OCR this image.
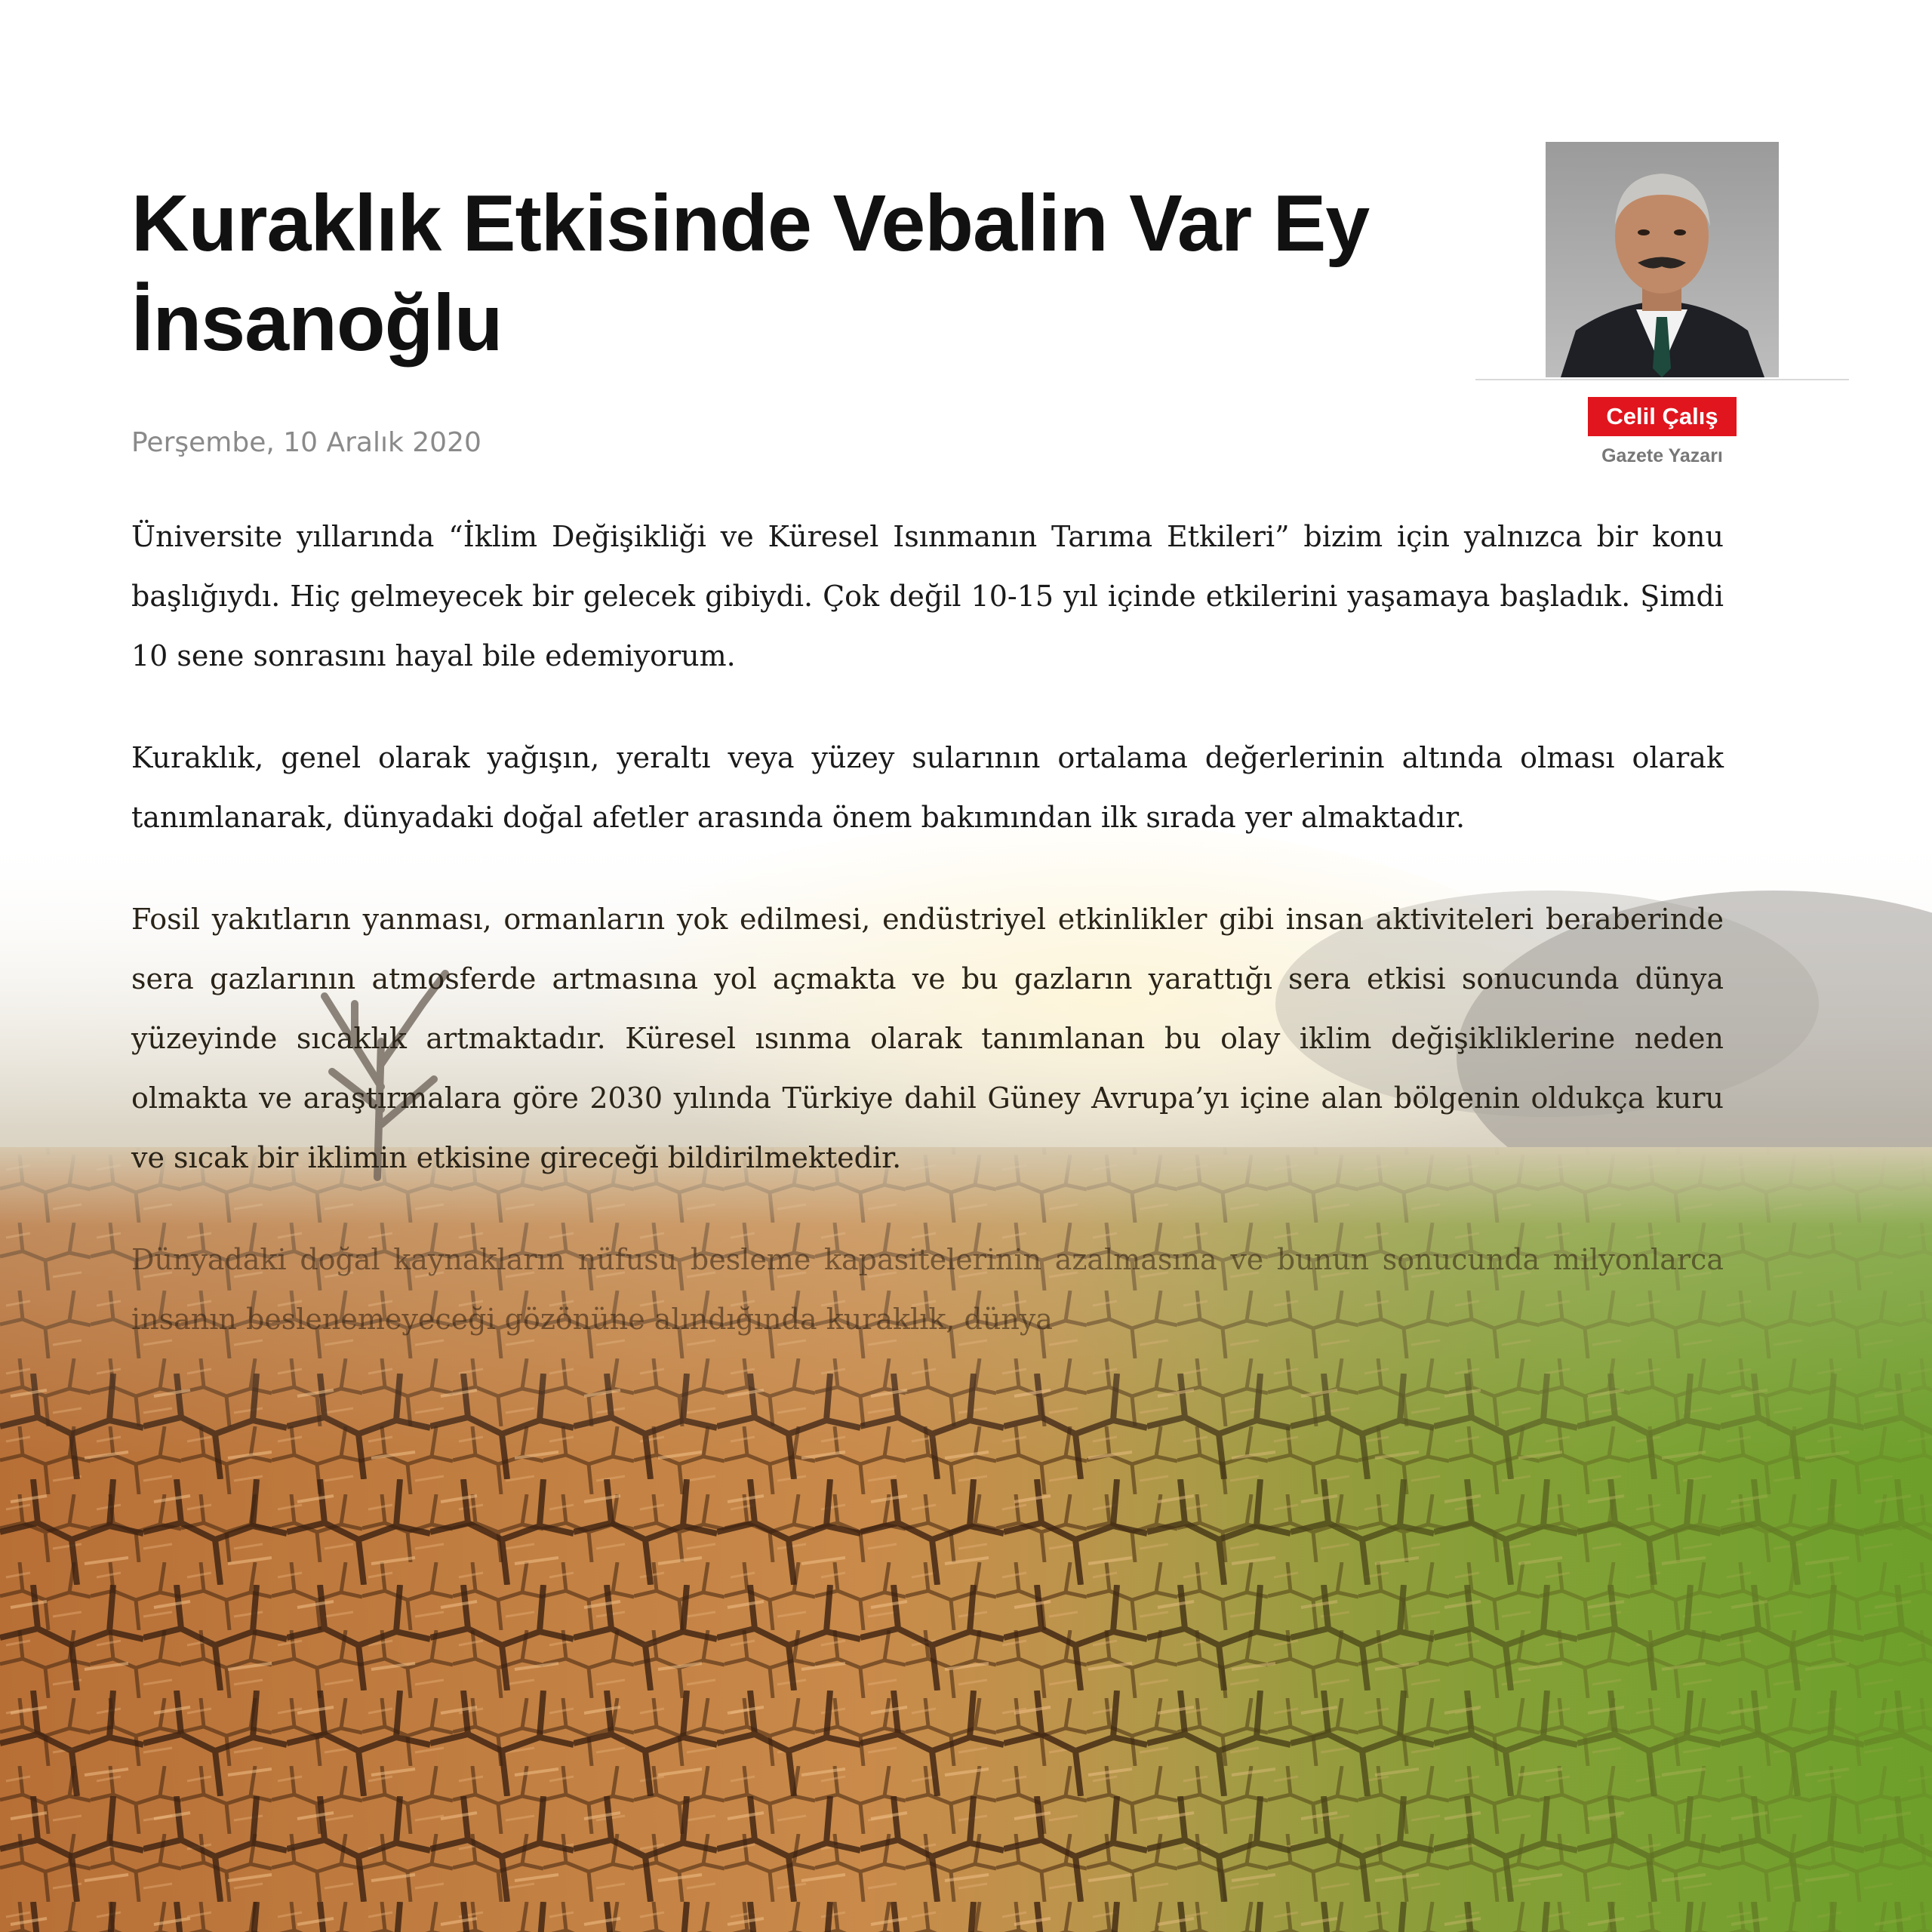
Kuraklık Etkisinde Vebalin Var Ey İnsanoğlu
Perşembe, 10 Aralık 2020

Üniversite yıllarında “İklim Değişikliği ve Küresel Isınmanın Tarıma Etkileri” bizim için yalnızca bir konu başlığıydı. Hiç gelmeyecek bir gelecek gibiydi. Çok değil 10-15 yıl içinde etkilerini yaşamaya başladık. Şimdi 10 sene sonrasını hayal bile edemiyorum.

Kuraklık, genel olarak yağışın, yeraltı veya yüzey sularının ortalama değerlerinin altında olması olarak tanımlanarak, dünyadaki doğal afetler arasında önem bakımından ilk sırada yer almaktadır.

Fosil yakıtların yanması, ormanların yok edilmesi, endüstriyel etkinlikler gibi insan aktiviteleri beraberinde sera gazlarının atmosferde artmasına yol açmakta ve bu gazların yarattığı sera etkisi sonucunda dünya yüzeyinde sıcaklık artmaktadır. Küresel ısınma olarak tanımlanan bu olay iklim değişikliklerine neden olmakta ve araştırmalara göre 2030 yılında Türkiye dahil Güney Avrupa’yı içine alan bölgenin oldukça kuru ve sıcak bir iklimin etkisine gireceği bildirilmektedir.

Dünyadaki doğal kaynakların nüfusu besleme kapasitelerinin azalmasına ve bunun sonucunda milyonlarca insanın beslenemeyeceği gözönüne alındığında kuraklık, dünya

Celil Çalış
Gazete Yazarı
